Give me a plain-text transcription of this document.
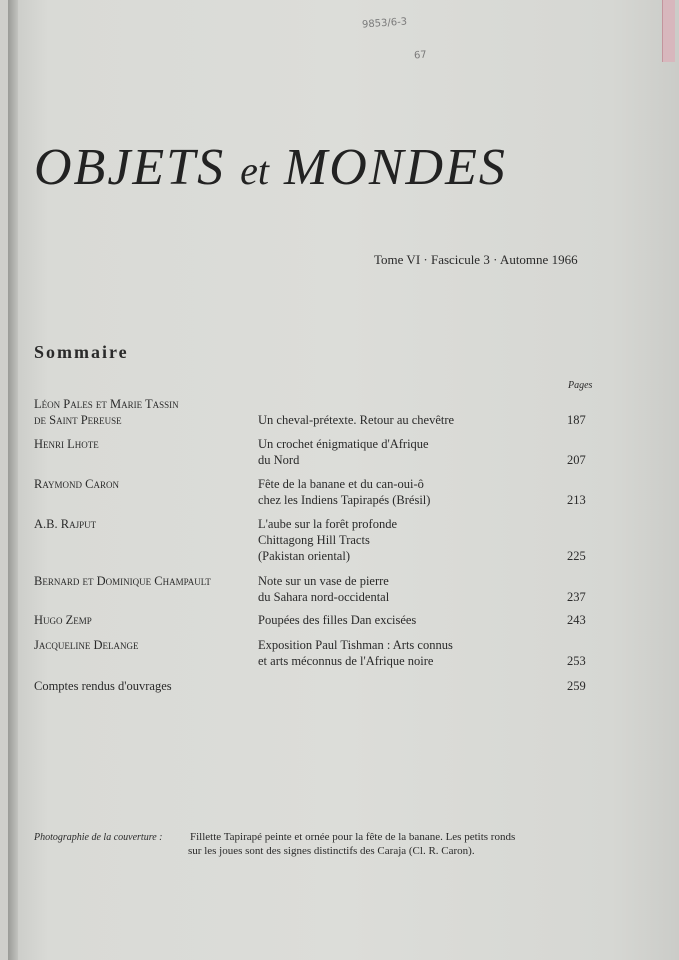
9853/6-3
67
OBJETS et MONDES
Tome VI · Fascicule 3 · Automne 1966
Sommaire
Pages
Léon Pales et Marie Tassin
de Saint Pereuse	Un cheval-prétexte. Retour au chevêtre	187
Henri Lhote	Un crochet énigmatique d'Afrique
du Nord	207
Raymond Caron	Fête de la banane et du can-oui-ô
chez les Indiens Tapirapés (Brésil)	213
A.B. Rajput	L'aube sur la forêt profonde
Chittagong Hill Tracts
(Pakistan oriental)	225
Bernard et Dominique Champault	Note sur un vase de pierre
du Sahara nord-occidental	237
Hugo Zemp	Poupées des filles Dan excisées	243
Jacqueline Delange	Exposition Paul Tishman : Arts connus
et arts méconnus de l'Afrique noire	253
Comptes rendus d'ouvrages	259
Photographie de la couverture :	Fillette Tapirapé peinte et ornée pour la fête de la banane. Les petits ronds
sur les joues sont des signes distinctifs des Caraja (Cl. R. Caron).
